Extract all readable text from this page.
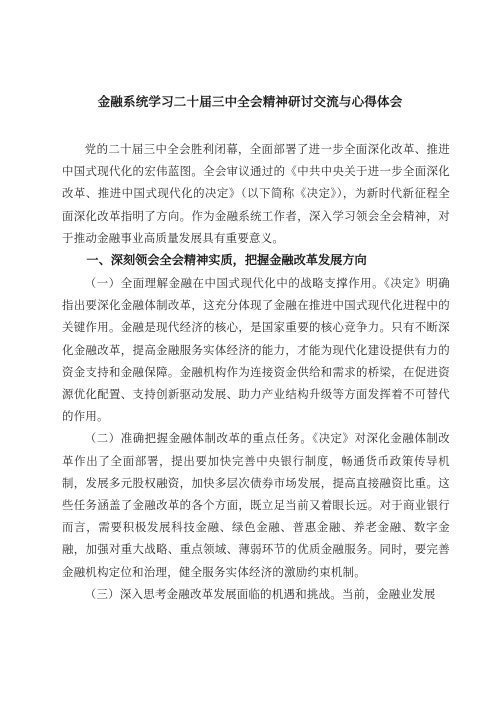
金融系统学习二十届三中全会精神研讨交流与心得体会

党的二十届三中全会胜利闭幕，全面部署了进一步全面深化改革、推进中国式现代化的宏伟蓝图。全会审议通过的《中共中央关于进一步全面深化改革、推进中国式现代化的决定》（以下简称《决定》），为新时代新征程全面深化改革指明了方向。作为金融系统工作者，深入学习领会全会精神，对于推动金融事业高质量发展具有重要意义。

一、深刻领会全会精神实质，把握金融改革发展方向

（一）全面理解金融在中国式现代化中的战略支撑作用。《决定》明确指出要深化金融体制改革，这充分体现了金融在推进中国式现代化进程中的关键作用。金融是现代经济的核心，是国家重要的核心竞争力。只有不断深化金融改革，提高金融服务实体经济的能力，才能为现代化建设提供有力的资金支持和金融保障。金融机构作为连接资金供给和需求的桥梁，在促进资源优化配置、支持创新驱动发展、助力产业结构升级等方面发挥着不可替代的作用。

（二）准确把握金融体制改革的重点任务。《决定》对深化金融体制改革作出了全面部署，提出要加快完善中央银行制度，畅通货币政策传导机制，发展多元股权融资，加快多层次债券市场发展，提高直接融资比重。这些任务涵盖了金融改革的各个方面，既立足当前又着眼长远。对于商业银行而言，需要积极发展科技金融、绿色金融、普惠金融、养老金融、数字金融，加强对重大战略、重点领域、薄弱环节的优质金融服务。同时，要完善金融机构定位和治理，健全服务实体经济的激励约束机制。

（三）深入思考金融改革发展面临的机遇和挑战。当前，金融业发展
